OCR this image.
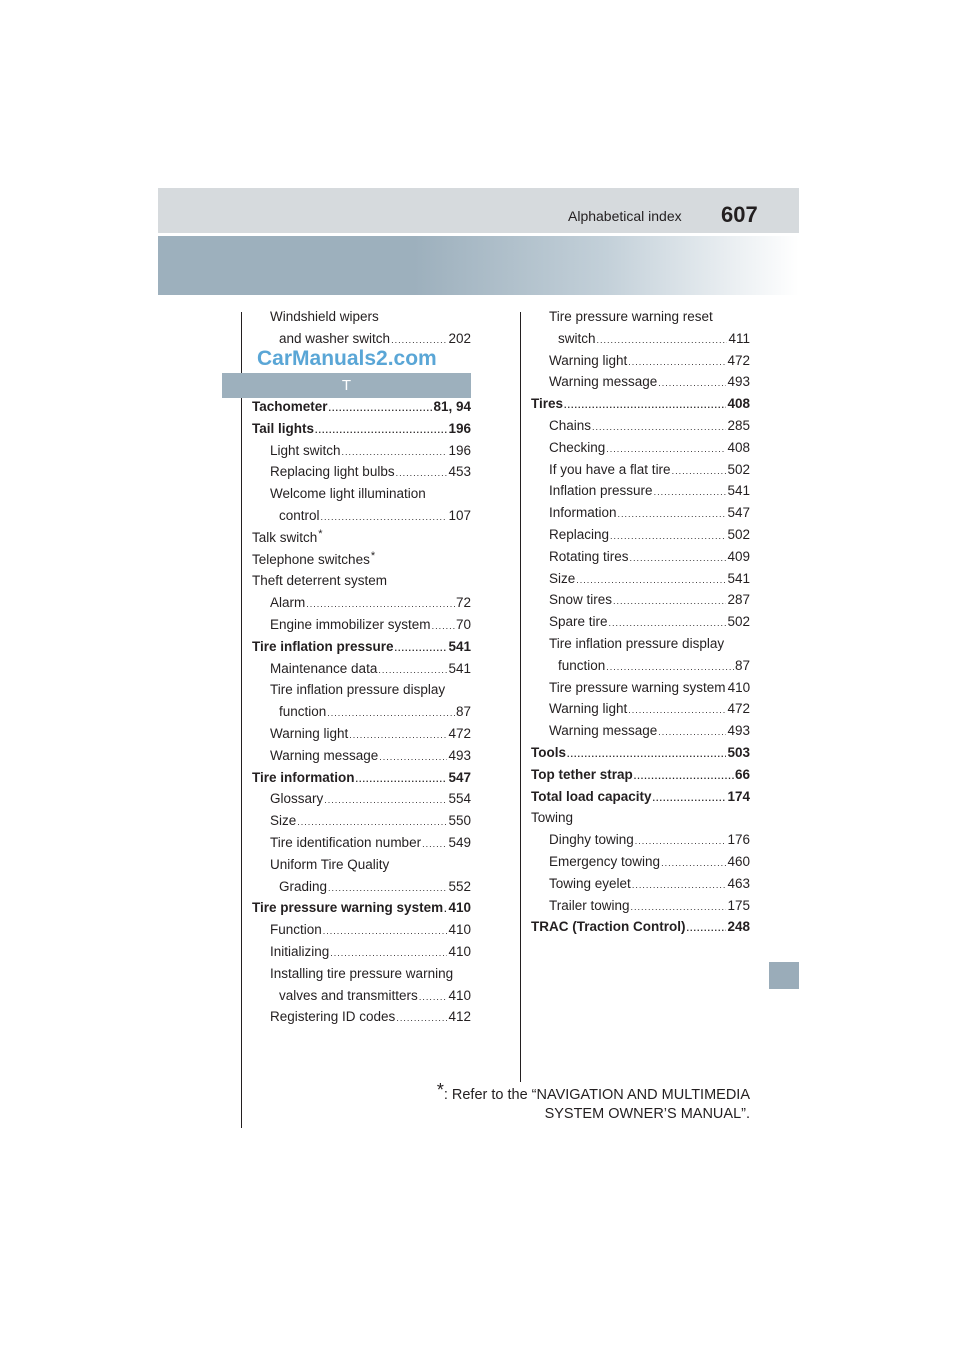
Alphabetical index 607
T
CarManuals2.com
Windshield wipers
and washer switch .....	202
Tachometer .....	81, 94
Tail lights .....	196
Light switch .....	196
Replacing light bulbs .....	453
Welcome light illumination
control .....	107
Talk switch *
Telephone switches *
Theft deterrent system
Alarm .....	72
Engine immobilizer system ..... 70
Tire inflation pressure .....	541
Maintenance data .....	541
Tire inflation pressure display
function .....	87
Warning light .....	472
Warning message .....	493
Tire information .....	547
Glossary .....	554
Size .....	550
Tire identification number ..... 549
Uniform Tire Quality
Grading .....	552
Tire pressure warning system ..... 410
Function .....	410
Initializing .....	410
Installing tire pressure warning
valves and transmitters ..... 410
Registering ID codes .....	412
Tire pressure warning reset
switch .....	411
Warning light .....	472
Warning message .....	493
Tires .....	408
Chains .....	285
Checking .....	408
If you have a flat tire .....	502
Inflation pressure .....	541
Information .....	547
Replacing .....	502
Rotating tires .....	409
Size .....	541
Snow tires .....	287
Spare tire .....	502
Tire inflation pressure display
function .....	87
Tire pressure warning system 410
Warning light .....	472
Warning message .....	493
Tools .....	503
Top tether strap .....	66
Total load capacity .....	174
Towing
Dinghy towing .....	176
Emergency towing .....	460
Towing eyelet .....	463
Trailer towing .....	175
TRAC (Traction Control) .....	248
*: Refer to the “NAVIGATION AND MULTIMEDIA
SYSTEM OWNER’S MANUAL”.
